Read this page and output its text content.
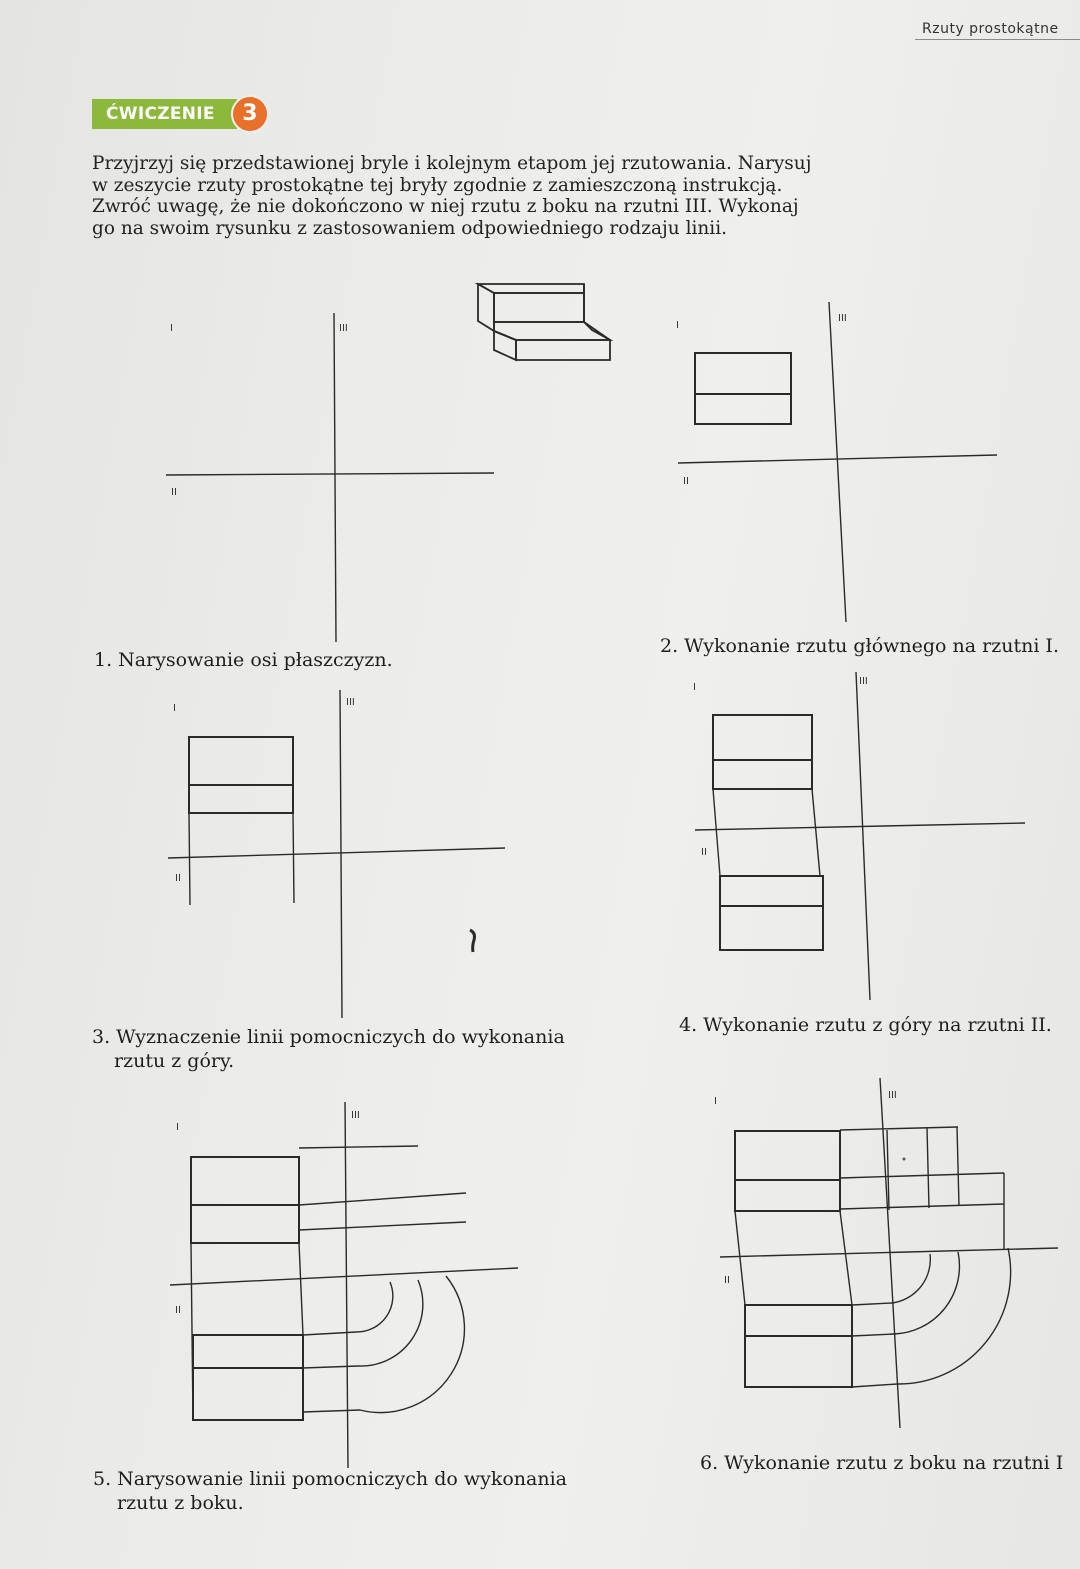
Rzuty prostokątne
ĆWICZENIE	3
Przyjrzyj się przedstawionej bryle i kolejnym etapom jej rzutowania. Narysuj
w zeszycie rzuty prostokątne tej bryły zgodnie z zamieszczoną instrukcją.
Zwróć uwagę, że nie dokończono w niej rzutu z boku na rzutni III. Wykonaj
go na swoim rysunku z zastosowaniem odpowiedniego rodzaju linii.
I	III
II
I
III
II
I
III
II
I
III
II
I
III
II
I
III
II
1. Narysowanie osi płaszczyzn.
2. Wykonanie rzutu głównego na rzutni I.
3. Wyznaczenie linii pomocniczych do wykonania
rzutu z góry.
4. Wykonanie rzutu z góry na rzutni II.
5. Narysowanie linii pomocniczych do wykonania
rzutu z boku.
6. Wykonanie rzutu z boku na rzutni I
